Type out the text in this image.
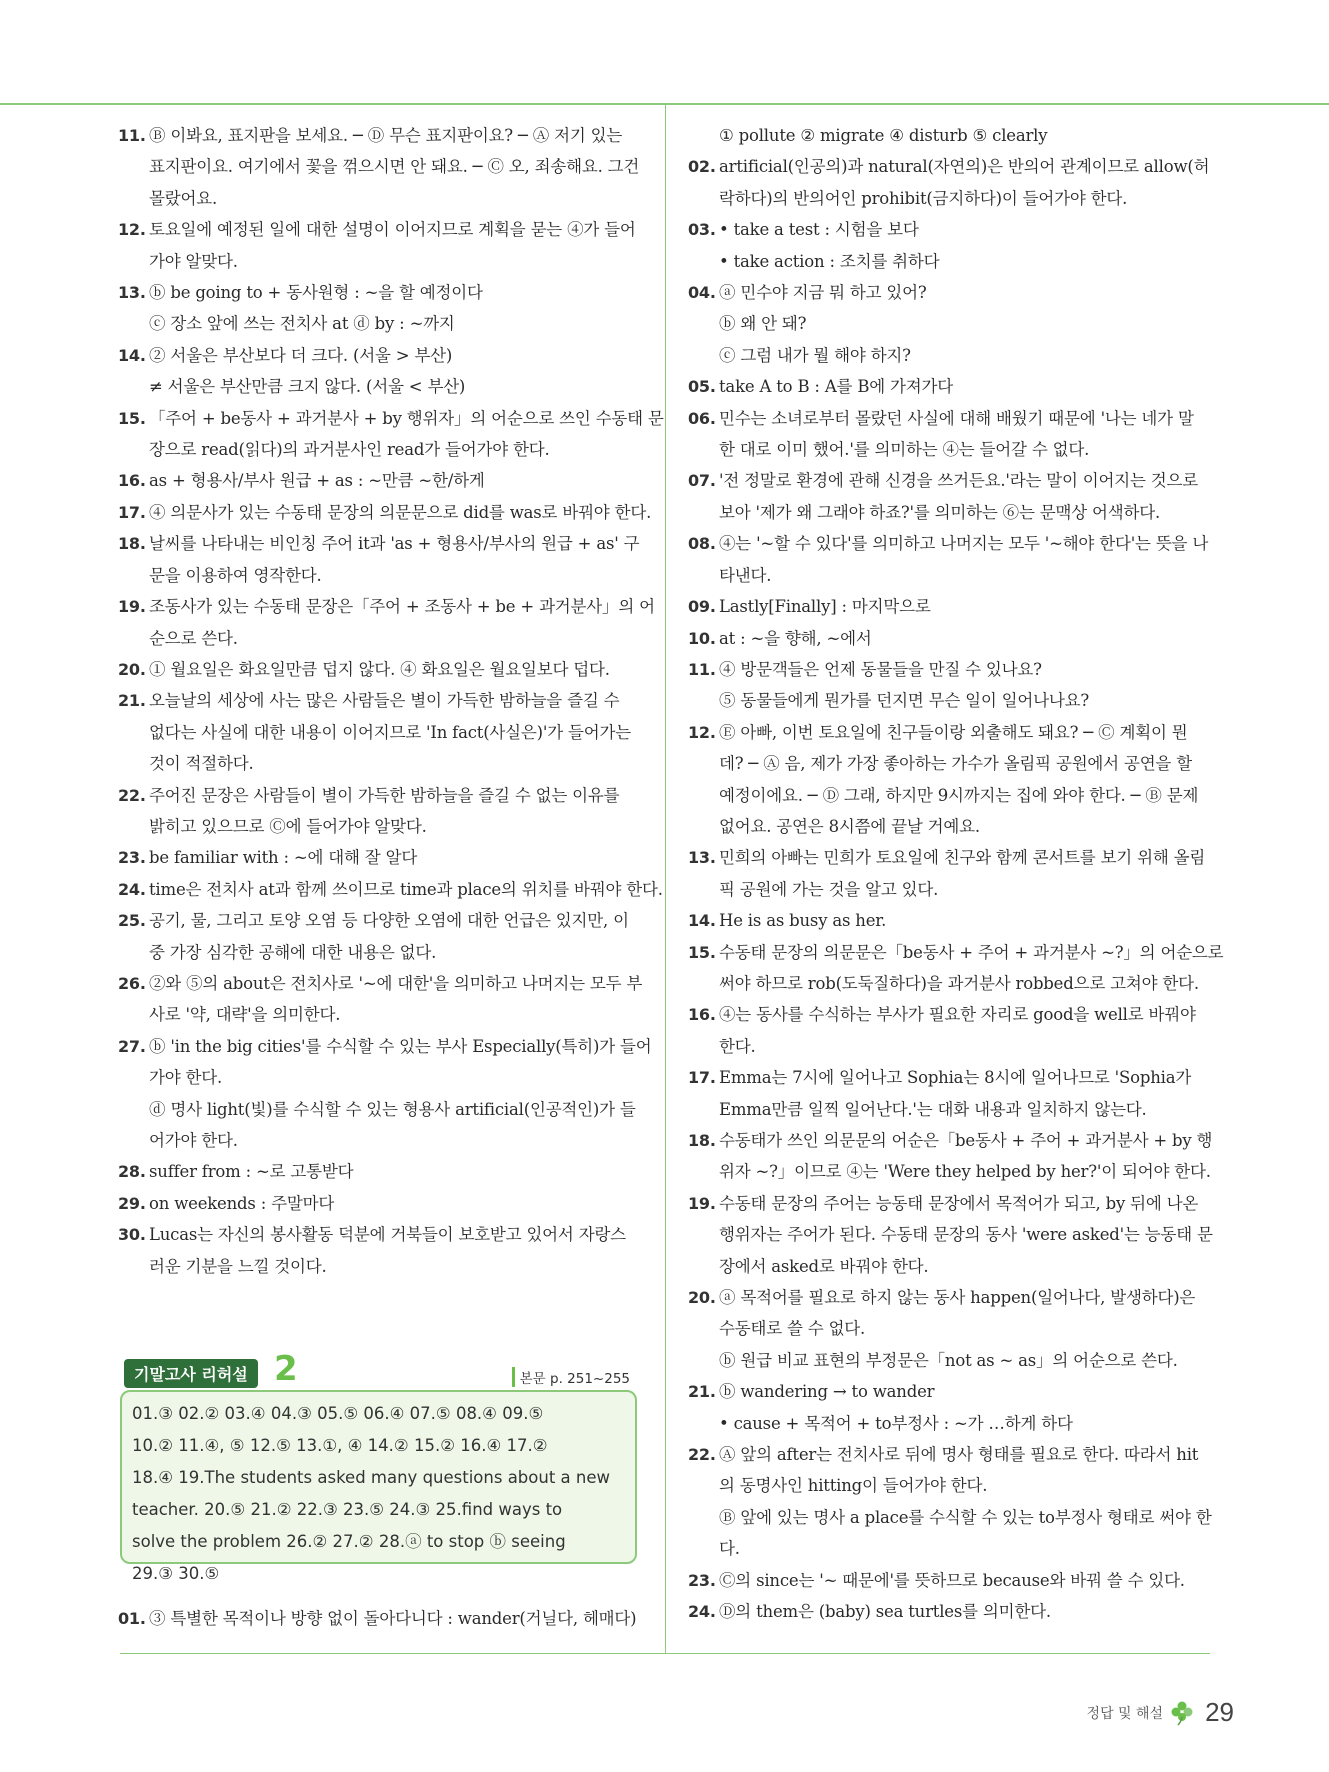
11. Ⓑ 이봐요, 표지판을 보세요. ─ Ⓓ 무슨 표지판이요? ─ Ⓐ 저기 있는
표지판이요. 여기에서 꽃을 꺾으시면 안 돼요. ─ Ⓒ 오, 죄송해요. 그건
몰랐어요.
12. 토요일에 예정된 일에 대한 설명이 이어지므로 계획을 묻는 ④가 들어
가야 알맞다.
13. ⓑ be going to + 동사원형 : ~을 할 예정이다
ⓒ 장소 앞에 쓰는 전치사 at ⓓ by : ~까지
14. ② 서울은 부산보다 더 크다. (서울 > 부산)
≠ 서울은 부산만큼 크지 않다. (서울 < 부산)
15. 「주어 + be동사 + 과거분사 + by 행위자」의 어순으로 쓰인 수동태 문
장으로 read(읽다)의 과거분사인 read가 들어가야 한다.
16. as + 형용사/부사 원급 + as : ~만큼 ~한/하게
17. ④ 의문사가 있는 수동태 문장의 의문문으로 did를 was로 바꿔야 한다.
18. 날씨를 나타내는 비인칭 주어 it과 'as + 형용사/부사의 원급 + as' 구
문을 이용하여 영작한다.
19. 조동사가 있는 수동태 문장은「주어 + 조동사 + be + 과거분사」의 어
순으로 쓴다.
20. ① 월요일은 화요일만큼 덥지 않다. ④ 화요일은 월요일보다 덥다.
21. 오늘날의 세상에 사는 많은 사람들은 별이 가득한 밤하늘을 즐길 수
없다는 사실에 대한 내용이 이어지므로 'In fact(사실은)'가 들어가는
것이 적절하다.
22. 주어진 문장은 사람들이 별이 가득한 밤하늘을 즐길 수 없는 이유를
밝히고 있으므로 Ⓒ에 들어가야 알맞다.
23. be familiar with : ~에 대해 잘 알다
24. time은 전치사 at과 함께 쓰이므로 time과 place의 위치를 바꿔야 한다.
25. 공기, 물, 그리고 토양 오염 등 다양한 오염에 대한 언급은 있지만, 이
중 가장 심각한 공해에 대한 내용은 없다.
26. ②와 ⑤의 about은 전치사로 '~에 대한'을 의미하고 나머지는 모두 부
사로 '약, 대략'을 의미한다.
27. ⓑ 'in the big cities'를 수식할 수 있는 부사 Especially(특히)가 들어
가야 한다.
ⓓ 명사 light(빛)를 수식할 수 있는 형용사 artificial(인공적인)가 들
어가야 한다.
28. suffer from : ~로 고통받다
29. on weekends : 주말마다
30. Lucas는 자신의 봉사활동 덕분에 거북들이 보호받고 있어서 자랑스
러운 기분을 느낄 것이다.
기말고사 리허설 2	본문 p. 251~255
01.③ 02.② 03.④ 04.③ 05.⑤ 06.④ 07.⑤ 08.④ 09.⑤
10.② 11.④, ⑤ 12.⑤ 13.①, ④ 14.② 15.② 16.④ 17.②
18.④ 19.The students asked many questions about a new
teacher. 20.⑤ 21.② 22.③ 23.⑤ 24.③ 25.find ways to
solve the problem 26.② 27.② 28.ⓐ to stop ⓑ seeing
29.③ 30.⑤
01. ③ 특별한 목적이나 방향 없이 돌아다니다 : wander(거닐다, 헤매다)
① pollute ② migrate ④ disturb ⑤ clearly
02. artificial(인공의)과 natural(자연의)은 반의어 관계이므로 allow(허
락하다)의 반의어인 prohibit(금지하다)이 들어가야 한다.
03. • take a test : 시험을 보다
• take action : 조치를 취하다
04. ⓐ 민수야 지금 뭐 하고 있어?
ⓑ 왜 안 돼?
ⓒ 그럼 내가 뭘 해야 하지?
05. take A to B : A를 B에 가져가다
06. 민수는 소녀로부터 몰랐던 사실에 대해 배웠기 때문에 '나는 네가 말
한 대로 이미 했어.'를 의미하는 ④는 들어갈 수 없다.
07. '전 정말로 환경에 관해 신경을 쓰거든요.'라는 말이 이어지는 것으로
보아 '제가 왜 그래야 하죠?'를 의미하는 ⑥는 문맥상 어색하다.
08. ④는 '~할 수 있다'를 의미하고 나머지는 모두 '~해야 한다'는 뜻을 나
타낸다.
09. Lastly[Finally] : 마지막으로
10. at : ~을 향해, ~에서
11. ④ 방문객들은 언제 동물들을 만질 수 있나요?
⑤ 동물들에게 뭔가를 던지면 무슨 일이 일어나나요?
12. Ⓔ 아빠, 이번 토요일에 친구들이랑 외출해도 돼요? ─ Ⓒ 계획이 뭔
데? ─ Ⓐ 음, 제가 가장 좋아하는 가수가 올림픽 공원에서 공연을 할
예정이에요. ─ Ⓓ 그래, 하지만 9시까지는 집에 와야 한다. ─ Ⓑ 문제
없어요. 공연은 8시쯤에 끝날 거예요.
13. 민희의 아빠는 민희가 토요일에 친구와 함께 콘서트를 보기 위해 올림
픽 공원에 가는 것을 알고 있다.
14. He is as busy as her.
15. 수동태 문장의 의문문은「be동사 + 주어 + 과거분사 ~?」의 어순으로
써야 하므로 rob(도둑질하다)을 과거분사 robbed으로 고쳐야 한다.
16. ④는 동사를 수식하는 부사가 필요한 자리로 good을 well로 바꿔야
한다.
17. Emma는 7시에 일어나고 Sophia는 8시에 일어나므로 'Sophia가
Emma만큼 일찍 일어난다.'는 대화 내용과 일치하지 않는다.
18. 수동태가 쓰인 의문문의 어순은「be동사 + 주어 + 과거분사 + by 행
위자 ~?」이므로 ④는 'Were they helped by her?'이 되어야 한다.
19. 수동태 문장의 주어는 능동태 문장에서 목적어가 되고, by 뒤에 나온
행위자는 주어가 된다. 수동태 문장의 동사 'were asked'는 능동태 문
장에서 asked로 바꿔야 한다.
20. ⓐ 목적어를 필요로 하지 않는 동사 happen(일어나다, 발생하다)은
수동태로 쓸 수 없다.
ⓑ 원급 비교 표현의 부정문은「not as ~ as」의 어순으로 쓴다.
21. ⓑ wandering → to wander
• cause + 목적어 + to부정사 : ~가 …하게 하다
22. Ⓐ 앞의 after는 전치사로 뒤에 명사 형태를 필요로 한다. 따라서 hit
의 동명사인 hitting이 들어가야 한다.
Ⓑ 앞에 있는 명사 a place를 수식할 수 있는 to부정사 형태로 써야 한
다.
23. Ⓒ의 since는 '~ 때문에'를 뜻하므로 because와 바꿔 쓸 수 있다.
24. Ⓓ의 them은 (baby) sea turtles를 의미한다.
정답 및 해설 29
